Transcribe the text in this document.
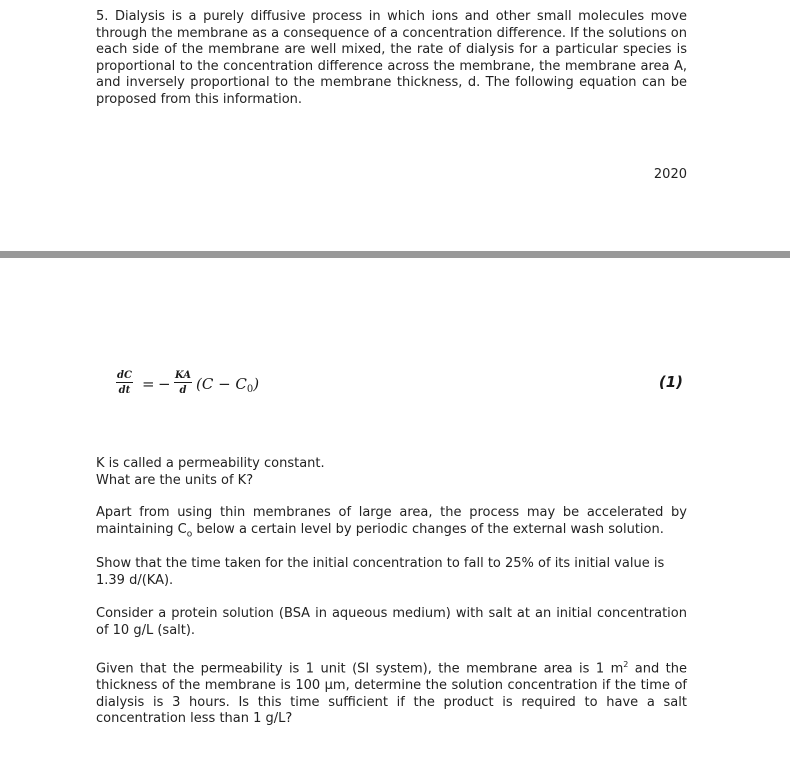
5. Dialysis is a purely diffusive process in which ions and other small molecules move through the membrane as a consequence of a concentration difference. If the solutions on each side of the membrane are well mixed, the rate of dialysis for a particular species is proportional to the concentration difference across the membrane, the membrane area A, and inversely proportional to the membrane thickness, d. The following equation can be proposed from this information.

2020
$\frac{dC}{dt}$ = − $\frac{KA}{d} (C - C_0)$	(1)

K is called a permeability constant.
What are the units of K?

Apart from using thin membranes of large area, the process may be accelerated by maintaining $C_o$ below a certain level by periodic changes of the external wash solution.

Show that the time taken for the initial concentration to fall to 25% of its initial value is 1.39 d/(KA).

Consider a protein solution (BSA in aqueous medium) with salt at an initial concentration of 10 g/L (salt).

Given that the permeability is 1 unit (SI system), the membrane area is 1 $m^2$ and the thickness of the membrane is 100 μm, determine the solution concentration if the time of dialysis is 3 hours. Is this time sufficient if the product is required to have a salt concentration less than 1 g/L?
